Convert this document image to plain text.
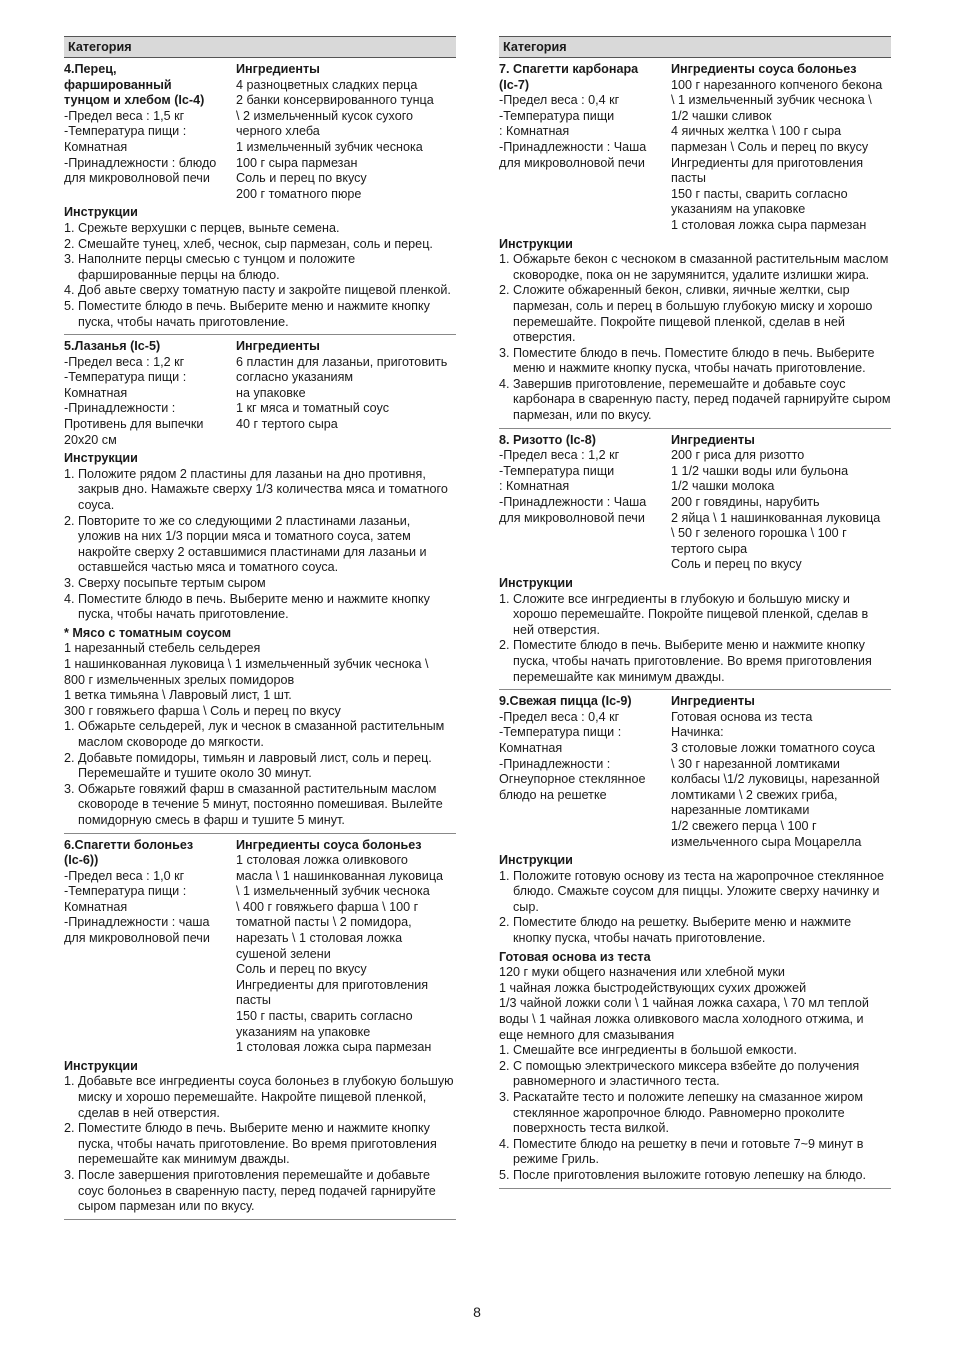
Категория
4.Перец,
фаршированный
тунцом и хлебом (Ic-4)
-Предел веса : 1,5 кг
-Температура пищи :
Комнатная
-Принадлежности : блюдо
для микроволновой печи
Ингредиенты
4 разноцветных сладких перца
2 банки консервированного тунца
\ 2 измельченный кусок сухого
черного хлеба
1 измельченный зубчик чеснока
100 г сыра пармезан
Соль и перец по вкусу
200 г томатного пюре
Инструкции
1. Срежьте верхушки с перцев, выньте семена.
2. Смешайте тунец, хлеб, чеснок, сыр пармезан, соль и перец.
3. Наполните перцы смесью с тунцом и положите фаршированные перцы на блюдо.
4. Доб авьте сверху томатную пасту и закройте пищевой пленкой.
5. Поместите блюдо в печь. Выберите меню и нажмите кнопку пуска, чтобы начать приготовление.
5.Лазанья (Ic-5)
-Предел веса : 1,2 кг
-Температура пищи :
Комнатная
-Принадлежности :
Противень для выпечки
20х20 см
Ингредиенты
6 пластин для лазаньи, приготовить
согласно указаниям
на упаковке
1 кг мяса и томатный соус
40 г тертого сыра
Инструкции
1. Положите рядом 2 пластины для лазаньи на дно противня, закрыв дно. Намажьте сверху 1/3 количества мяса и томатного соуса.
2. Повторите то же со следующими 2 пластинами лазаньи, уложив на них 1/3 порции мяса и томатного соуса, затем накройте сверху 2 оставшимися пластинами для лазаньи и оставшейся частью мяса и томатного соуса.
3. Сверху посыпьте тертым сыром
4. Поместите блюдо в печь. Выберите меню и нажмите кнопку пуска, чтобы начать приготовление.
* Мясо с томатным соусом
1 нарезанный стебель сельдерея
1 нашинкованная луковица \ 1 измельченный зубчик чеснока \
800 г измельченных зрелых помидоров
1 ветка тимьяна \ Лавровый лист, 1 шт.
300 г говяжьего фарша \ Соль и перец по вкусу
1. Обжарьте сельдерей, лук и чеснок в смазанной растительным маслом сковороде до мягкости.
2. Добавьте помидоры, тимьян и лавровый лист, соль и перец. Перемешайте и тушите около 30 минут.
3. Обжарьте говяжий фарш в смазанной растительным маслом сковороде в течение 5 минут, постоянно помешивая. Вылейте помидорную смесь в фарш и тушите 5 минут.
6.Спагетти болоньез
(Ic-6))
-Предел веса : 1,0 кг
-Температура пищи :
Комнатная
-Принадлежности : чаша
для микроволновой печи
Ингредиенты соуса болоньез
1 столовая ложка оливкового
масла \ 1 нашинкованная луковица
\ 1 измельченный зубчик чеснока
\ 400 г говяжьего фарша \ 100 г
томатной пасты \ 2 помидора,
нарезать \ 1 столовая ложка
сушеной зелени
Соль и перец по вкусу
Ингредиенты для приготовления
пасты
150 г пасты, сварить согласно
указаниям на упаковке
1 столовая ложка сыра пармезан
Инструкции
1. Добавьте все ингредиенты соуса болоньез в глубокую большую миску и хорошо перемешайте. Накройте пищевой пленкой, сделав в ней отверстия.
2. Поместите блюдо в печь. Выберите меню и нажмите кнопку пуска, чтобы начать приготовление. Во время приготовления перемешайте как минимум дважды.
3. После завершения приготовления перемешайте и добавьте соус болоньез в сваренную пасту, перед подачей гарнируйте сыром пармезан или по вкусу.
Категория
7. Спагетти карбонара
(Ic-7)
-Предел веса : 0,4 кг
-Температура пищи
: Комнатная
-Принадлежности : Чаша
для микроволновой печи
Ингредиенты соуса болоньез
100 г нарезанного копченого бекона
\ 1 измельченный зубчик чеснока \
1/2 чашки сливок
4 яичных желтка \ 100 г сыра
пармезан \ Соль и перец по вкусу
Ингредиенты для приготовления
пасты
150 г пасты, сварить согласно
указаниям на упаковке
1 столовая ложка сыра пармезан
Инструкции
1. Обжарьте бекон с чесноком в смазанной растительным маслом сковородке, пока он не зарумянится, удалите излишки жира.
2. Сложите обжаренный бекон, сливки, яичные желтки, сыр пармезан, соль и перец в большую глубокую миску и хорошо перемешайте. Покройте пищевой пленкой, сделав в ней отверстия.
3. Поместите блюдо в печь. Поместите блюдо в печь. Выберите меню и нажмите кнопку пуска, чтобы начать приготовление.
4. Завершив приготовление, перемешайте и добавьте соус карбонара в сваренную пасту, перед подачей гарнируйте сыром пармезан, или по вкусу.
8. Ризотто (Ic-8)
-Предел веса : 1,2 кг
-Температура пищи
: Комнатная
-Принадлежности : Чаша
для микроволновой печи
Ингредиенты
200 г риса для ризотто
1 1/2 чашки воды или бульона
1/2 чашки молока
200 г говядины, нарубить
2 яйца \ 1 нашинкованная луковица
\ 50 г зеленого горошка \ 100 г
тертого сыра
Соль и перец по вкусу
Инструкции
1. Сложите все ингредиенты в глубокую и большую миску и хорошо перемешайте. Покройте пищевой пленкой, сделав в ней отверстия.
2. Поместите блюдо в печь. Выберите меню и нажмите кнопку пуска, чтобы начать приготовление. Во время приготовления перемешайте как минимум дважды.
9.Свежая пицца (Ic-9)
-Предел веса : 0,4 кг
-Температура пищи :
Комнатная
-Принадлежности :
Огнеупорное стеклянное
блюдо на решетке
Ингредиенты
Готовая основа из теста
Начинка:
3 столовые ложки томатного соуса
\ 30 г нарезанной ломтиками
колбасы \1/2 луковицы, нарезанной
ломтиками \ 2 свежих гриба,
нарезанные ломтиками
1/2 свежего перца \ 100 г
измельченного сыра Моцарелла
Инструкции
1. Положите готовую основу из теста на жаропрочное стеклянное блюдо. Смажьте соусом для пиццы. Уложите сверху начинку и сыр.
2. Поместите блюдо на решетку. Выберите меню и нажмите кнопку пуска, чтобы начать приготовление.
Готовая основа из теста
120 г муки общего назначения или хлебной муки
1 чайная ложка быстродействующих сухих дрожжей
1/3 чайной ложки соли \ 1 чайная ложка сахара, \ 70 мл теплой воды \ 1 чайная ложка оливкового масла холодного отжима, и еще немного для смазывания
1. Смешайте все ингредиенты в большой емкости.
2. С помощью электрического миксера взбейте до получения равномерного и эластичного теста.
3. Раскатайте тесто и положите лепешку на смазанное жиром стеклянное жаропрочное блюдо. Равномерно проколите поверхность теста вилкой.
4. Поместите блюдо на решетку в печи и готовьте 7~9 минут в режиме Гриль.
5. После приготовления выложите готовую лепешку на блюдо.
8
